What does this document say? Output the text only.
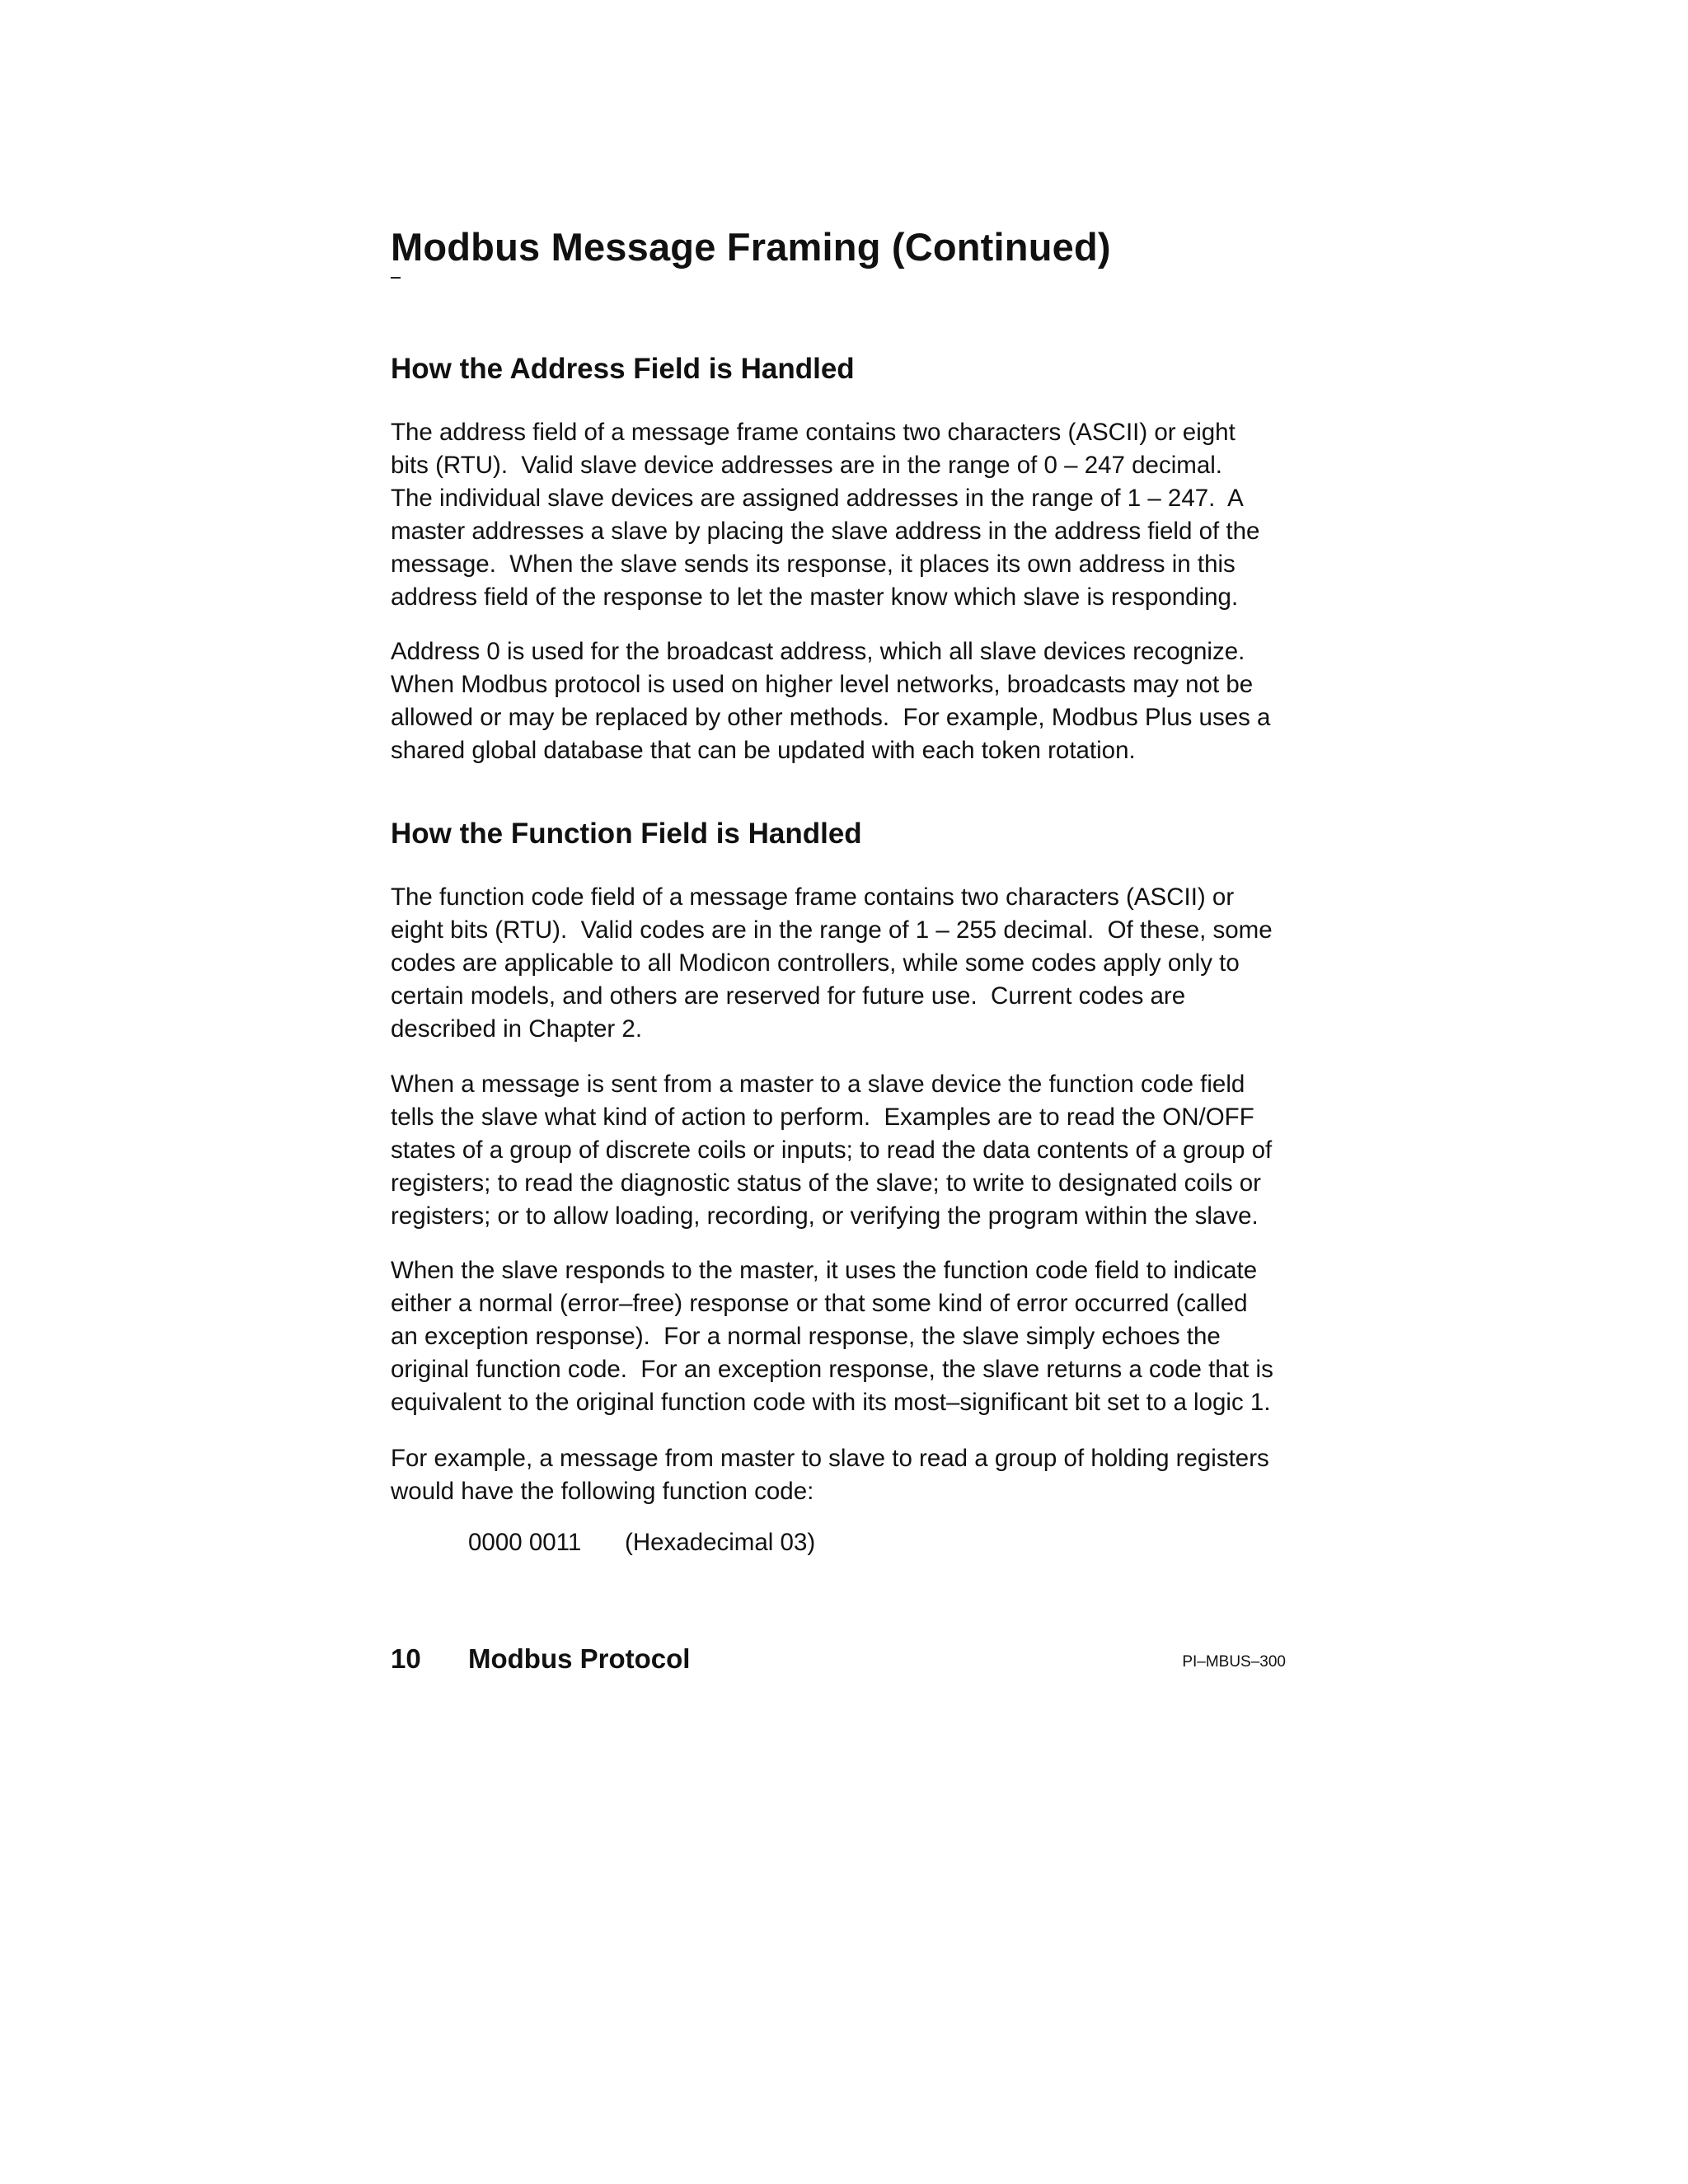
Modbus Message Framing (Continued)
How the Address Field is Handled

The address field of a message frame contains two characters (ASCII) or eight
bits (RTU).  Valid slave device addresses are in the range of 0 – 247 decimal.
The individual slave devices are assigned addresses in the range of 1 – 247.  A
master addresses a slave by placing the slave address in the address field of the
message.  When the slave sends its response, it places its own address in this
address field of the response to let the master know which slave is responding.

Address 0 is used for the broadcast address, which all slave devices recognize.
When Modbus protocol is used on higher level networks, broadcasts may not be
allowed or may be replaced by other methods.  For example, Modbus Plus uses a
shared global database that can be updated with each token rotation.

How the Function Field is Handled

The function code field of a message frame contains two characters (ASCII) or
eight bits (RTU).  Valid codes are in the range of 1 – 255 decimal.  Of these, some
codes are applicable to all Modicon controllers, while some codes apply only to
certain models, and others are reserved for future use.  Current codes are
described in Chapter 2.

When a message is sent from a master to a slave device the function code field
tells the slave what kind of action to perform.  Examples are to read the ON/OFF
states of a group of discrete coils or inputs; to read the data contents of a group of
registers; to read the diagnostic status of the slave; to write to designated coils or
registers; or to allow loading, recording, or verifying the program within the slave.

When the slave responds to the master, it uses the function code field to indicate
either a normal (error–free) response or that some kind of error occurred (called
an exception response).  For a normal response, the slave simply echoes the
original function code.  For an exception response, the slave returns a code that is
equivalent to the original function code with its most–significant bit set to a logic 1.

For example, a message from master to slave to read a group of holding registers
would have the following function code:

0000 0011 (Hexadecimal 03)
10 Modbus Protocol	PI–MBUS–300
